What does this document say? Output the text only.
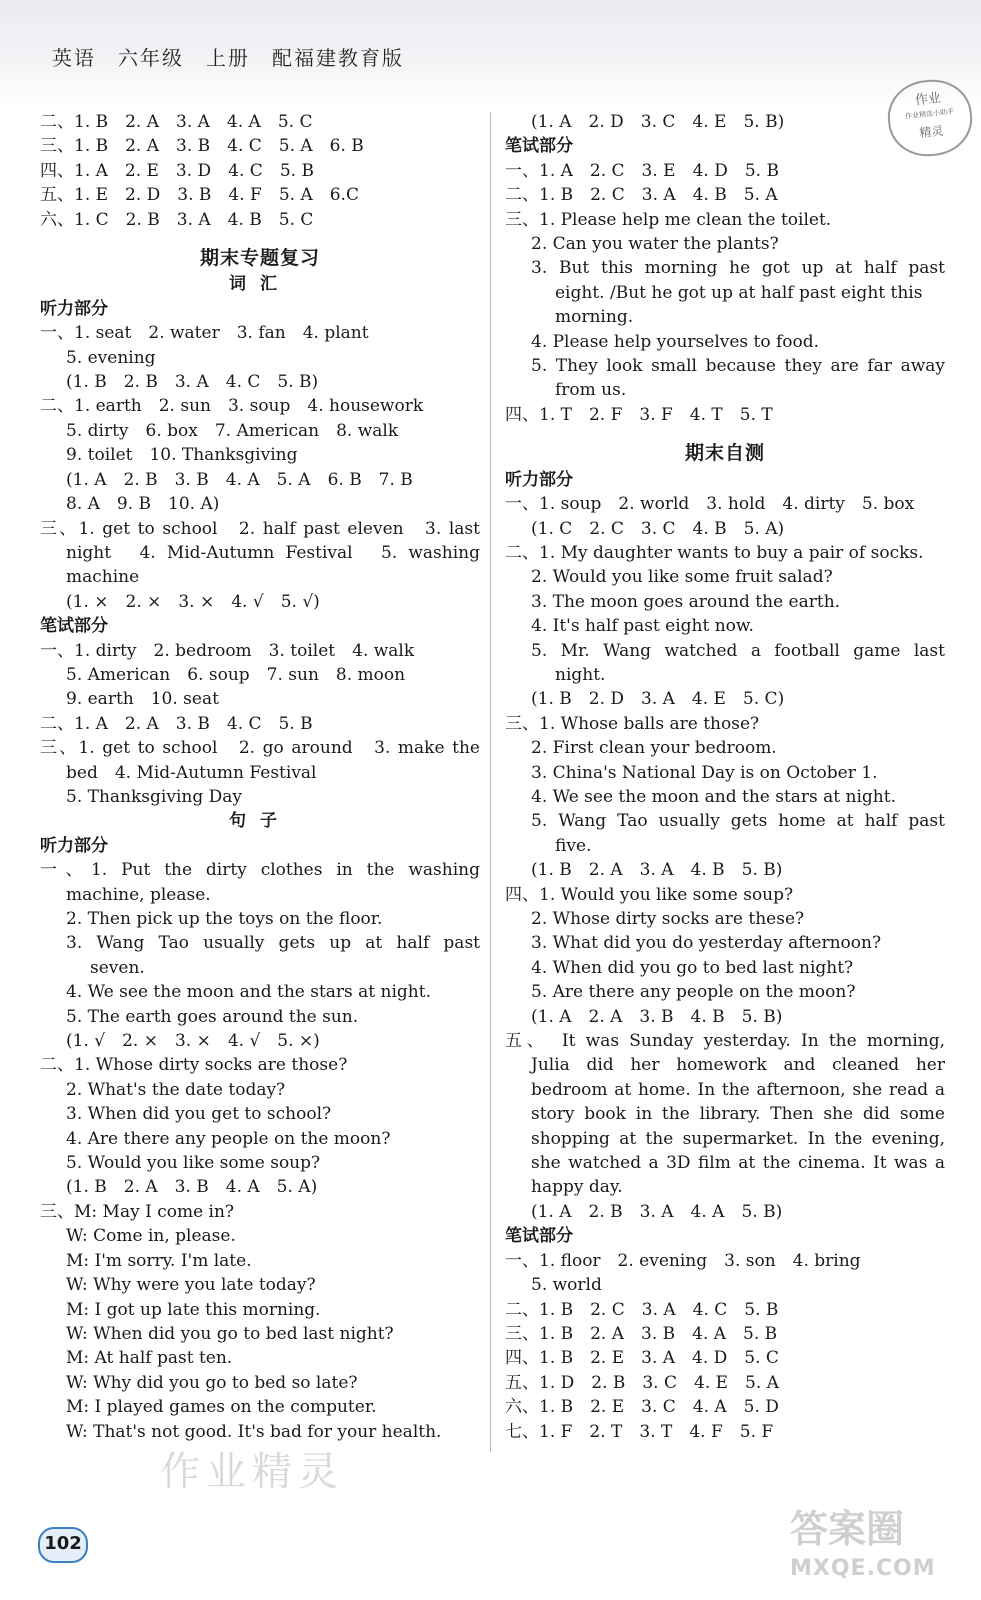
英语　六年级　上册　配福建教育版
作业
作业精选小助手
精灵
二、1. B　2. A　3. A　4. A　5. C
三、1. B　2. A　3. B　4. C　5. A　6. B
四、1. A　2. E　3. D　4. C　5. B
五、1. E　2. D　3. B　4. F　5. A　6.C
六、1. C　2. B　3. A　4. B　5. C
期末专题复习
词汇
听力部分
一、1. seat　2. water　3. fan　4. plant
5. evening
(1. B　2. B　3. A　4. C　5. B)
二、1. earth　2. sun　3. soup　4. housework
5. dirty　6. box　7. American　8. walk
9. toilet　10. Thanksgiving
(1. A　2. B　3. B　4. A　5. A　6. B　7. B
8. A　9. B　10. A)
三、1. get to school　2. half past eleven　3. last
night　4. Mid-Autumn Festival　5. washing
machine
(1. ×　2. ×　3. ×　4. √　5. √)
笔试部分
一、1. dirty　2. bedroom　3. toilet　4. walk
5. American　6. soup　7. sun　8. moon
9. earth　10. seat
二、1. A　2. A　3. B　4. C　5. B
三、1. get to school　2. go around　3. make the
bed　4. Mid-Autumn Festival
5. Thanksgiving Day
句子
听力部分
一、1. Put the dirty clothes in the washing
machine, please.
2. Then pick up the toys on the floor.
3. Wang Tao usually gets up at half past
seven.
4. We see the moon and the stars at night.
5. The earth goes around the sun.
(1. √　2. ×　3. ×　4. √　5. ×)
二、1. Whose dirty socks are those?
2. What's the date today?
3. When did you get to school?
4. Are there any people on the moon?
5. Would you like some soup?
(1. B　2. A　3. B　4. A　5. A)
三、M: May I come in?
W: Come in, please.
M: I'm sorry. I'm late.
W: Why were you late today?
M: I got up late this morning.
W: When did you go to bed last night?
M: At half past ten.
W: Why did you go to bed so late?
M: I played games on the computer.
W: That's not good. It's bad for your health.
(1. A　2. D　3. C　4. E　5. B)
笔试部分
一、1. A　2. C　3. E　4. D　5. B
二、1. B　2. C　3. A　4. B　5. A
三、1. Please help me clean the toilet.
2. Can you water the plants?
3. But this morning he got up at half past
eight. /But he got up at half past eight this
morning.
4. Please help yourselves to food.
5. They look small because they are far away
from us.
四、1. T　2. F　3. F　4. T　5. T
期末自测
听力部分
一、1. soup　2. world　3. hold　4. dirty　5. box
(1. C　2. C　3. C　4. B　5. A)
二、1. My daughter wants to buy a pair of socks.
2. Would you like some fruit salad?
3. The moon goes around the earth.
4. It's half past eight now.
5. Mr. Wang watched a football game last
night.
(1. B　2. D　3. A　4. E　5. C)
三、1. Whose balls are those?
2. First clean your bedroom.
3. China's National Day is on October 1.
4. We see the moon and the stars at night.
5. Wang Tao usually gets home at half past
five.
(1. B　2. A　3. A　4. B　5. B)
四、1. Would you like some soup?
2. Whose dirty socks are these?
3. What did you do yesterday afternoon?
4. When did you go to bed last night?
5. Are there any people on the moon?
(1. A　2. A　3. B　4. B　5. B)
五、　It was Sunday yesterday. In the morning,
Julia did her homework and cleaned her
bedroom at home. In the afternoon, she read a
story book in the library. Then she did some
shopping at the supermarket. In the evening,
she watched a 3D film at the cinema. It was a
happy day.
(1. A　2. B　3. A　4. A　5. B)
笔试部分
一、1. floor　2. evening　3. son　4. bring
5. world
二、1. B　2. C　3. A　4. C　5. B
三、1. B　2. A　3. B　4. A　5. B
四、1. B　2. E　3. A　4. D　5. C
五、1. D　2. B　3. C　4. E　5. A
六、1. B　2. E　3. C　4. A　5. D
七、1. F　2. T　3. T　4. F　5. F
作业精灵
答案圈
MXQE.COM
102
